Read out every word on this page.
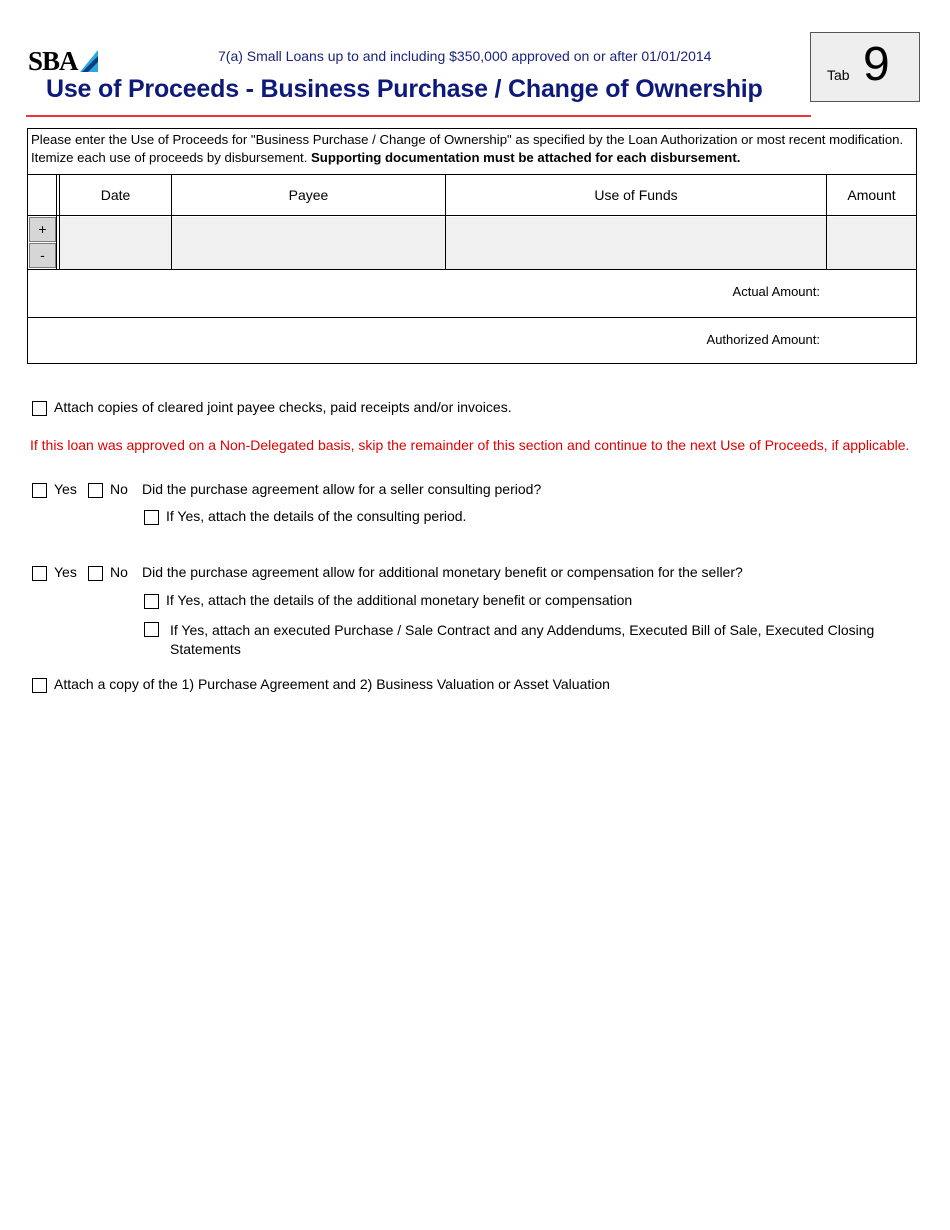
SBA	7(a) Small Loans up to and including $350,000 approved on or after 01/01/2014
Use of Proceeds - Business Purchase / Change of Ownership	Tab 9
Please enter the Use of Proceeds for "Business Purchase / Change of Ownership" as specified by the Loan Authorization or most recent modification. Itemize each use of proceeds by disbursement. Supporting documentation must be attached for each disbursement.
Date	Payee	Use of Funds	Amount
+
-
Actual Amount:
Authorized Amount:
Attach copies of cleared joint payee checks, paid receipts and/or invoices.
If this loan was approved on a Non-Delegated basis, skip the remainder of this section and continue to the next Use of Proceeds, if applicable.
Yes No Did the purchase agreement allow for a seller consulting period?
If Yes, attach the details of the consulting period.
Yes No Did the purchase agreement allow for additional monetary benefit or compensation for the seller?
If Yes, attach the details of the additional monetary benefit or compensation
If Yes, attach an executed Purchase / Sale Contract and any Addendums, Executed Bill of Sale, Executed Closing Statements
Attach a copy of the 1) Purchase Agreement and 2) Business Valuation or Asset Valuation
